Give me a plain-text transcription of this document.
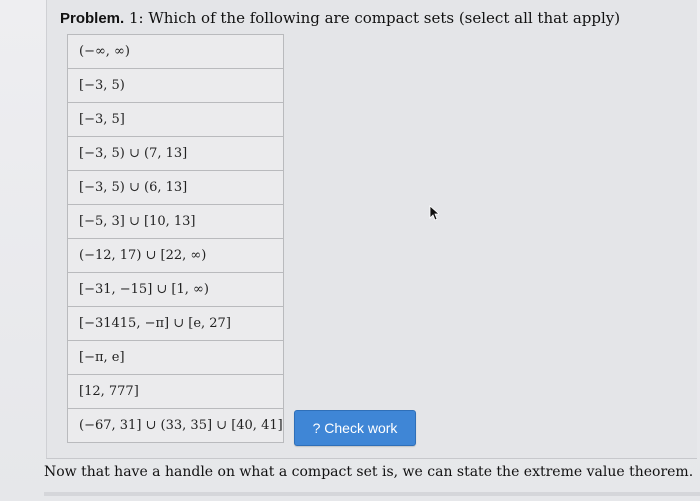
Problem. 1: Which of the following are compact sets (select all that apply)
(−∞, ∞)
[−3, 5)
[−3, 5]
[−3, 5) ∪ (7, 13]
[−3, 5) ∪ (6, 13]
[−5, 3] ∪ [10, 13]
(−12, 17) ∪ [22, ∞)
[−31, −15] ∪ [1, ∞)
[−31415, −π] ∪ [e, 27]
[−π, e]
[12, 777]
(−67, 31] ∪ (33, 35] ∪ [40, 41]	? Check work
Now that have a handle on what a compact set is, we can state the extreme value theorem.
